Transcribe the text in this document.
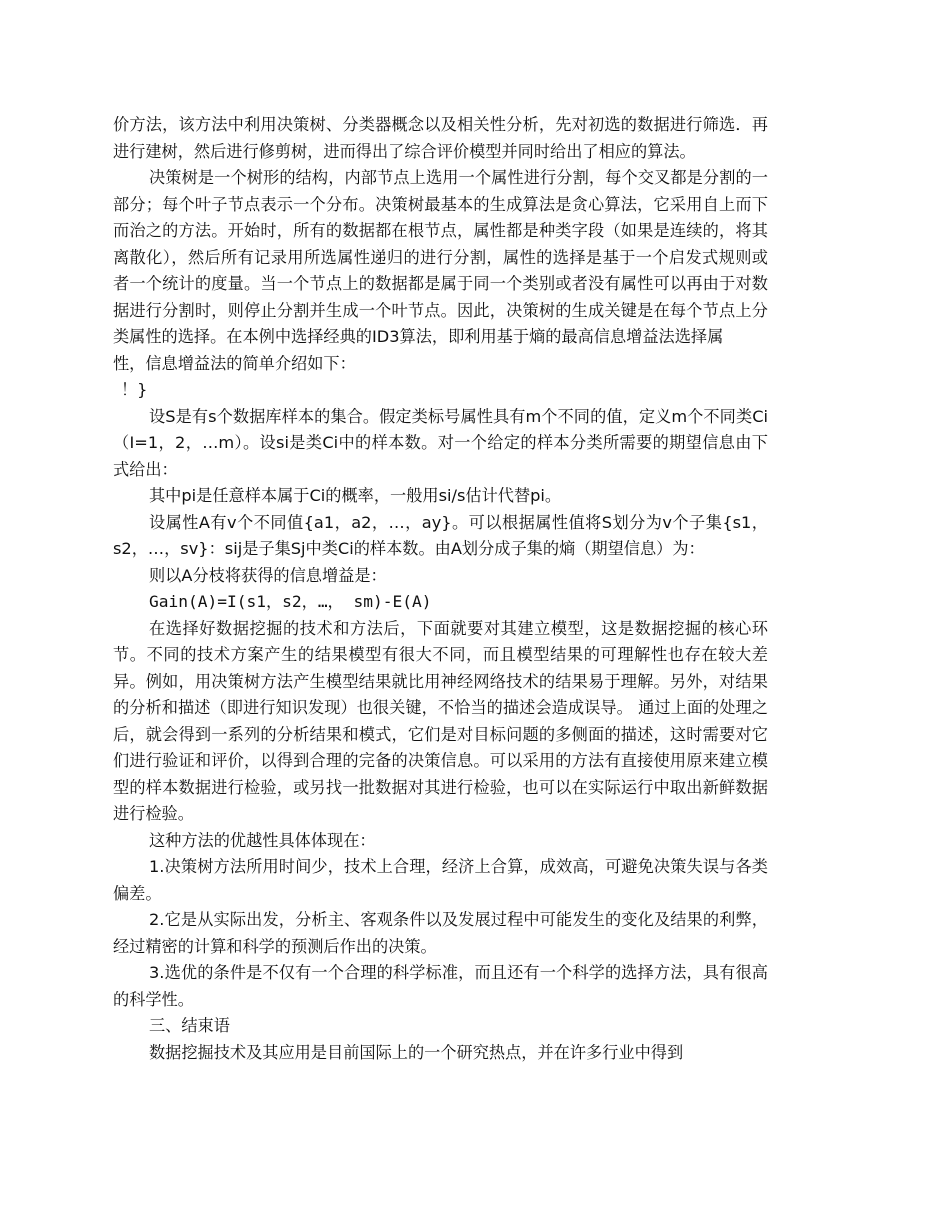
价方法，该方法中利用决策树、分类器概念以及相关性分析，先对初选的数据进行筛选．再进行建树，然后进行修剪树，进而得出了综合评价模型并同时给出了相应的算法。

决策树是一个树形的结构，内部节点上选用一个属性进行分割，每个交叉都是分割的一部分；每个叶子节点表示一个分布。决策树最基本的生成算法是贪心算法，它采用自上而下而治之的方法。开始时，所有的数据都在根节点，属性都是种类字段（如果是连续的，将其离散化），然后所有记录用所选属性递归的进行分割，属性的选择是基于一个启发式规则或者一个统计的度量。当一个节点上的数据都是属于同一个类别或者没有属性可以再由于对数据进行分割时，则停止分割并生成一个叶节点。因此，决策树的生成关键是在每个节点上分类属性的选择。在本例中选择经典的ID3算法，即利用基于熵的最高信息增益法选择属

性，信息增益法的简单介绍如下：

！}

设S是有s个数据库样本的集合。假定类标号属性具有m个不同的值，定义m个不同类Ci（I=1，2，…m）。设si是类Ci中的样本数。对一个给定的样本分类所需要的期望信息由下式给出：

其中pi是任意样本属于Ci的概率，一般用si/s估计代替pi。

设属性A有v个不同值{a1，a2，…，ay}。可以根据属性值将S划分为v个子集{s1，s2，…，sv}：sij是子集Sj中类Ci的样本数。由A划分成子集的熵（期望信息）为：

则以A分枝将获得的信息增益是：

Gain(A)=I(s1，s2，…， sm)-E(A)

在选择好数据挖掘的技术和方法后，下面就要对其建立模型，这是数据挖掘的核心环节。不同的技术方案产生的结果模型有很大不同，而且模型结果的可理解性也存在较大差异。例如，用决策树方法产生模型结果就比用神经网络技术的结果易于理解。另外，对结果的分析和描述（即进行知识发现）也很关键，不恰当的描述会造成误导。 通过上面的处理之后，就会得到一系列的分析结果和模式，它们是对目标问题的多侧面的描述，这时需要对它们进行验证和评价，以得到合理的完备的决策信息。可以采用的方法有直接使用原来建立模型的样本数据进行检验，或另找一批数据对其进行检验，也可以在实际运行中取出新鲜数据进行检验。

这种方法的优越性具体体现在：

1.决策树方法所用时间少，技术上合理，经济上合算，成效高，可避免决策失误与各类偏差。

2.它是从实际出发，分析主、客观条件以及发展过程中可能发生的变化及结果的利弊，经过精密的计算和科学的预测后作出的决策。

3.选优的条件是不仅有一个合理的科学标准，而且还有一个科学的选择方法，具有很高的科学性。

三、结束语

数据挖掘技术及其应用是目前国际上的一个研究热点，并在许多行业中得到
